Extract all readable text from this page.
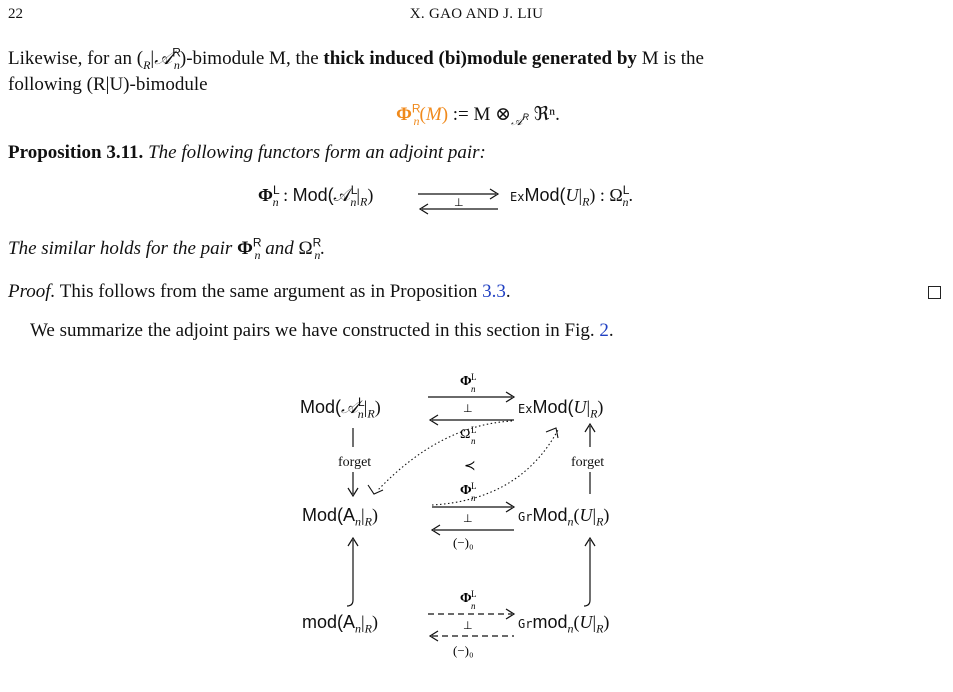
22	X. GAO AND J. LIU
Likewise, for an $(_R|𝒜^R_n)$-bimodule M, the thick induced (bi)module generated by M is the
following (R|U)-bimodule
$\Phi^R_n(M)$ := M $\otimes_{𝒜^R}$ ℜⁿ.
Proposition 3.11. The following functors form an adjoint pair:
$\Phi^L_n$ : $Mod(𝒜^L_n|_R)$	⊥	$ExMod(U|_R)$ : $\Omega^L_n$.
The similar holds for the pair $\Phi^R_n$ and $\Omega^R_n$.
Proof. This follows from the same argument as in Proposition 3.3.
We summarize the adjoint pairs we have constructed in this section in Fig. 2.
$Mod(𝒜^L_n|_R)$	$ExMod(U|_R)$
$Mod(A_n|_R)$	$GrMod_n(U|_R)$
$mod(A_n|_R)$	$Grmod_n(U|_R)$
forget	forget
Φ L
n
⊥
Ω L
n
≺
Φ L
n
⊥
(−)₀
Φ L
n
⊥
(−)₀
